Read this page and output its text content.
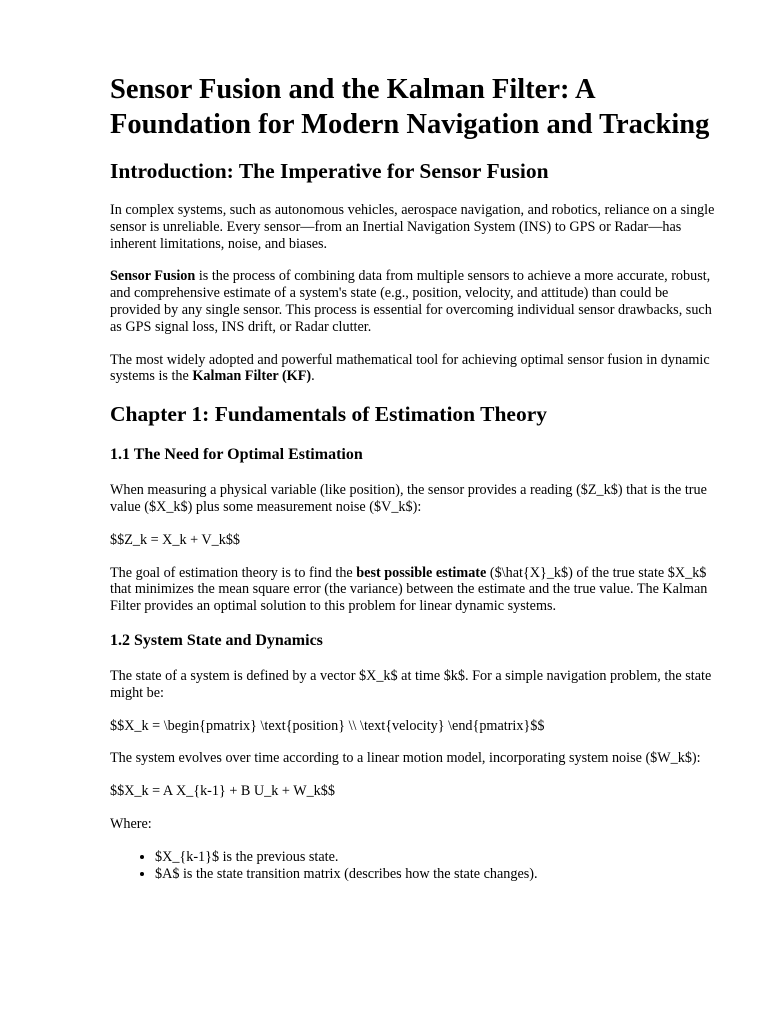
Sensor Fusion and the Kalman Filter: A Foundation for Modern Navigation and Tracking
Introduction: The Imperative for Sensor Fusion

In complex systems, such as autonomous vehicles, aerospace navigation, and robotics, reliance on a single sensor is unreliable. Every sensor—from an Inertial Navigation System (INS) to GPS or Radar—has inherent limitations, noise, and biases.

Sensor Fusion is the process of combining data from multiple sensors to achieve a more accurate, robust, and comprehensive estimate of a system's state (e.g., position, velocity, and attitude) than could be provided by any single sensor. This process is essential for overcoming individual sensor drawbacks, such as GPS signal loss, INS drift, or Radar clutter.

The most widely adopted and powerful mathematical tool for achieving optimal sensor fusion in dynamic systems is the Kalman Filter (KF).

Chapter 1: Fundamentals of Estimation Theory
1.1 The Need for Optimal Estimation

When measuring a physical variable (like position), the sensor provides a reading ($Z_k$) that is the true value ($X_k$) plus some measurement noise ($V_k$):

$$Z_k = X_k + V_k$$

The goal of estimation theory is to find the best possible estimate ($\hat{X}_k$) of the true state $X_k$ that minimizes the mean square error (the variance) between the estimate and the true value. The Kalman Filter provides an optimal solution to this problem for linear dynamic systems.

1.2 System State and Dynamics

The state of a system is defined by a vector $X_k$ at time $k$. For a simple navigation problem, the state might be:

$$X_k = \begin{pmatrix} \text{position} \\ \text{velocity} \end{pmatrix}$$

The system evolves over time according to a linear motion model, incorporating system noise ($W_k$):

$$X_k = A X_{k-1} + B U_k + W_k$$

Where:

• $X_{k-1}$ is the previous state.
• $A$ is the state transition matrix (describes how the state changes).
